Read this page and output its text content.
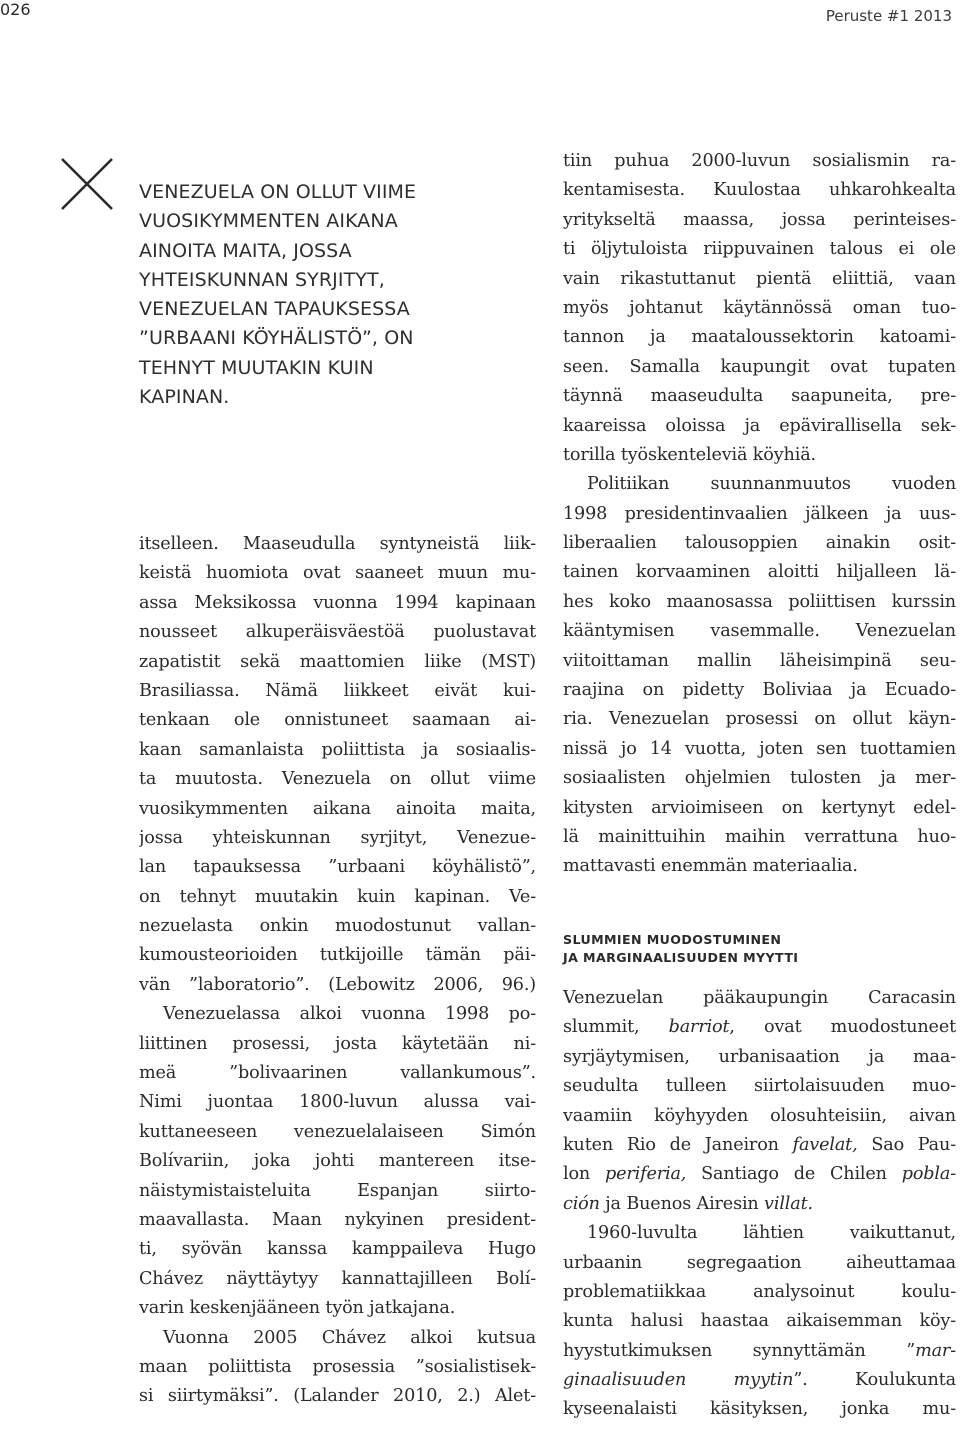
026	Peruste #1 2013
VENEZUELA ON OLLUT VIIME
VUOSIKYMMENTEN AIKANA
AINOITA MAITA, JOSSA
YHTEISKUNNAN SYRJITYT,
VENEZUELAN TAPAUKSESSA
”URBAANI KÖYHÄLISTÖ”, ON
TEHNYT MUUTAKIN KUIN
KAPINAN.
itselleen. Maaseudulla syntyneistä liik-
keistä huomiota ovat saaneet muun mu-
assa Meksikossa vuonna 1994 kapinaan
nousseet alkuperäisväestöä puolustavat
zapatistit sekä maattomien liike (MST)
Brasiliassa. Nämä liikkeet eivät kui-
tenkaan ole onnistuneet saamaan ai-
kaan samanlaista poliittista ja sosiaalis-
ta muutosta. Venezuela on ollut viime
vuosikymmenten aikana ainoita maita,
jossa yhteiskunnan syrjityt, Venezue-
lan tapauksessa ”urbaani köyhälistö”,
on tehnyt muutakin kuin kapinan. Ve-
nezuelasta onkin muodostunut vallan-
kumousteorioiden tutkijoille tämän päi-
vän ”laboratorio”. (Lebowitz 2006, 96.)
Venezuelassa alkoi vuonna 1998 po-
liittinen prosessi, josta käytetään ni-
meä ”bolivaarinen vallankumous”.
Nimi juontaa 1800-luvun alussa vai-
kuttaneeseen venezuelalaiseen Simón
Bolívariin, joka johti mantereen itse-
näistymistaisteluita Espanjan siirto-
maavallasta. Maan nykyinen president-
ti, syövän kanssa kamppaileva Hugo
Chávez näyttäytyy kannattajilleen Bolí-
varin keskenjääneen työn jatkajana.
Vuonna 2005 Chávez alkoi kutsua
maan poliittista prosessia ”sosialistisek-
si siirtymäksi”. (Lalander 2010, 2.) Alet-
tiin puhua 2000-luvun sosialismin ra-
kentamisesta. Kuulostaa uhkarohkealta
yritykseltä maassa, jossa perinteises-
ti öljytuloista riippuvainen talous ei ole
vain rikastuttanut pientä eliittiä, vaan
myös johtanut käytännössä oman tuo-
tannon ja maataloussektorin katoami-
seen. Samalla kaupungit ovat tupaten
täynnä maaseudulta saapuneita, pre-
kaareissa oloissa ja epävirallisella sek-
torilla työskenteleviä köyhiä.
Politiikan suunnanmuutos vuoden
1998 presidentinvaalien jälkeen ja uus-
liberaalien talousoppien ainakin osit-
tainen korvaaminen aloitti hiljalleen lä-
hes koko maanosassa poliittisen kurssin
kääntymisen vasemmalle. Venezuelan
viitoittaman mallin läheisimpinä seu-
raajina on pidetty Boliviaa ja Ecuado-
ria. Venezuelan prosessi on ollut käyn-
nissä jo 14 vuotta, joten sen tuottamien
sosiaalisten ohjelmien tulosten ja mer-
kitysten arvioimiseen on kertynyt edel-
lä mainittuihin maihin verrattuna huo-
mattavasti enemmän materiaalia.
SLUMMIEN MUODOSTUMINEN
JA MARGINAALISUUDEN MYYTTI
Venezuelan pääkaupungin Caracasin
slummit, barriot, ovat muodostuneet
syrjäytymisen, urbanisaation ja maa-
seudulta tulleen siirtolaisuuden muo-
vaamiin köyhyyden olosuhteisiin, aivan
kuten Rio de Janeiron favelat, Sao Pau-
lon periferia, Santiago de Chilen pobla-
ción ja Buenos Airesin villat.
1960-luvulta lähtien vaikuttanut,
urbaanin segregaation aiheuttamaa
problematiikkaa analysoinut koulu-
kunta halusi haastaa aikaisemman köy-
hyystutkimuksen synnyttämän ”mar-
ginaalisuuden myytin”. Koulukunta
kyseenalaisti käsityksen, jonka mu-
